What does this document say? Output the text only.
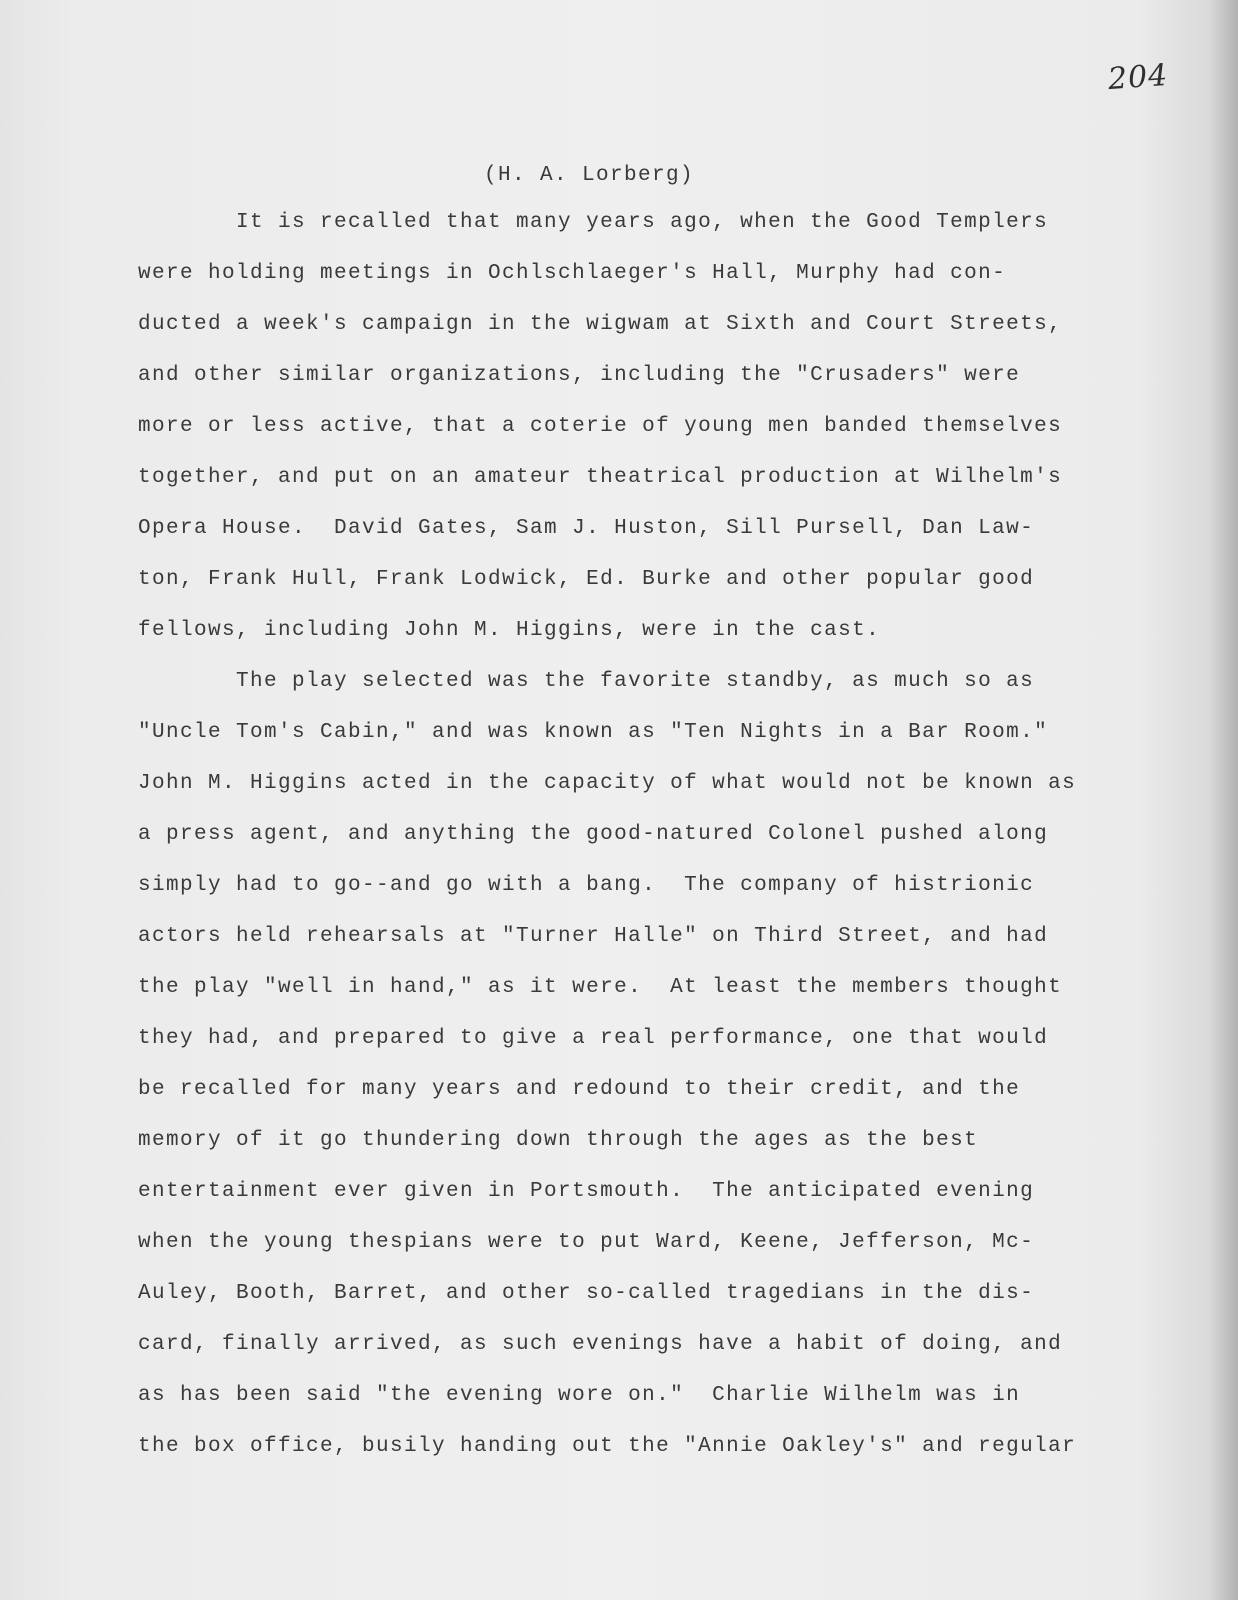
204
(H. A. Lorberg)
It is recalled that many years ago, when the Good Templers
were holding meetings in Ochlschlaeger's Hall, Murphy had con-
ducted a week's campaign in the wigwam at Sixth and Court Streets,
and other similar organizations, including the "Crusaders" were
more or less active, that a coterie of young men banded themselves
together, and put on an amateur theatrical production at Wilhelm's
Opera House.  David Gates, Sam J. Huston, Sill Pursell, Dan Law-
ton, Frank Hull, Frank Lodwick, Ed. Burke and other popular good
fellows, including John M. Higgins, were in the cast.
The play selected was the favorite standby, as much so as
"Uncle Tom's Cabin," and was known as "Ten Nights in a Bar Room."
John M. Higgins acted in the capacity of what would not be known as
a press agent, and anything the good-natured Colonel pushed along
simply had to go--and go with a bang.  The company of histrionic
actors held rehearsals at "Turner Halle" on Third Street, and had
the play "well in hand," as it were.  At least the members thought
they had, and prepared to give a real performance, one that would
be recalled for many years and redound to their credit, and the
memory of it go thundering down through the ages as the best
entertainment ever given in Portsmouth.  The anticipated evening
when the young thespians were to put Ward, Keene, Jefferson, Mc-
Auley, Booth, Barret, and other so-called tragedians in the dis-
card, finally arrived, as such evenings have a habit of doing, and
as has been said "the evening wore on."  Charlie Wilhelm was in
the box office, busily handing out the "Annie Oakley's" and regular
